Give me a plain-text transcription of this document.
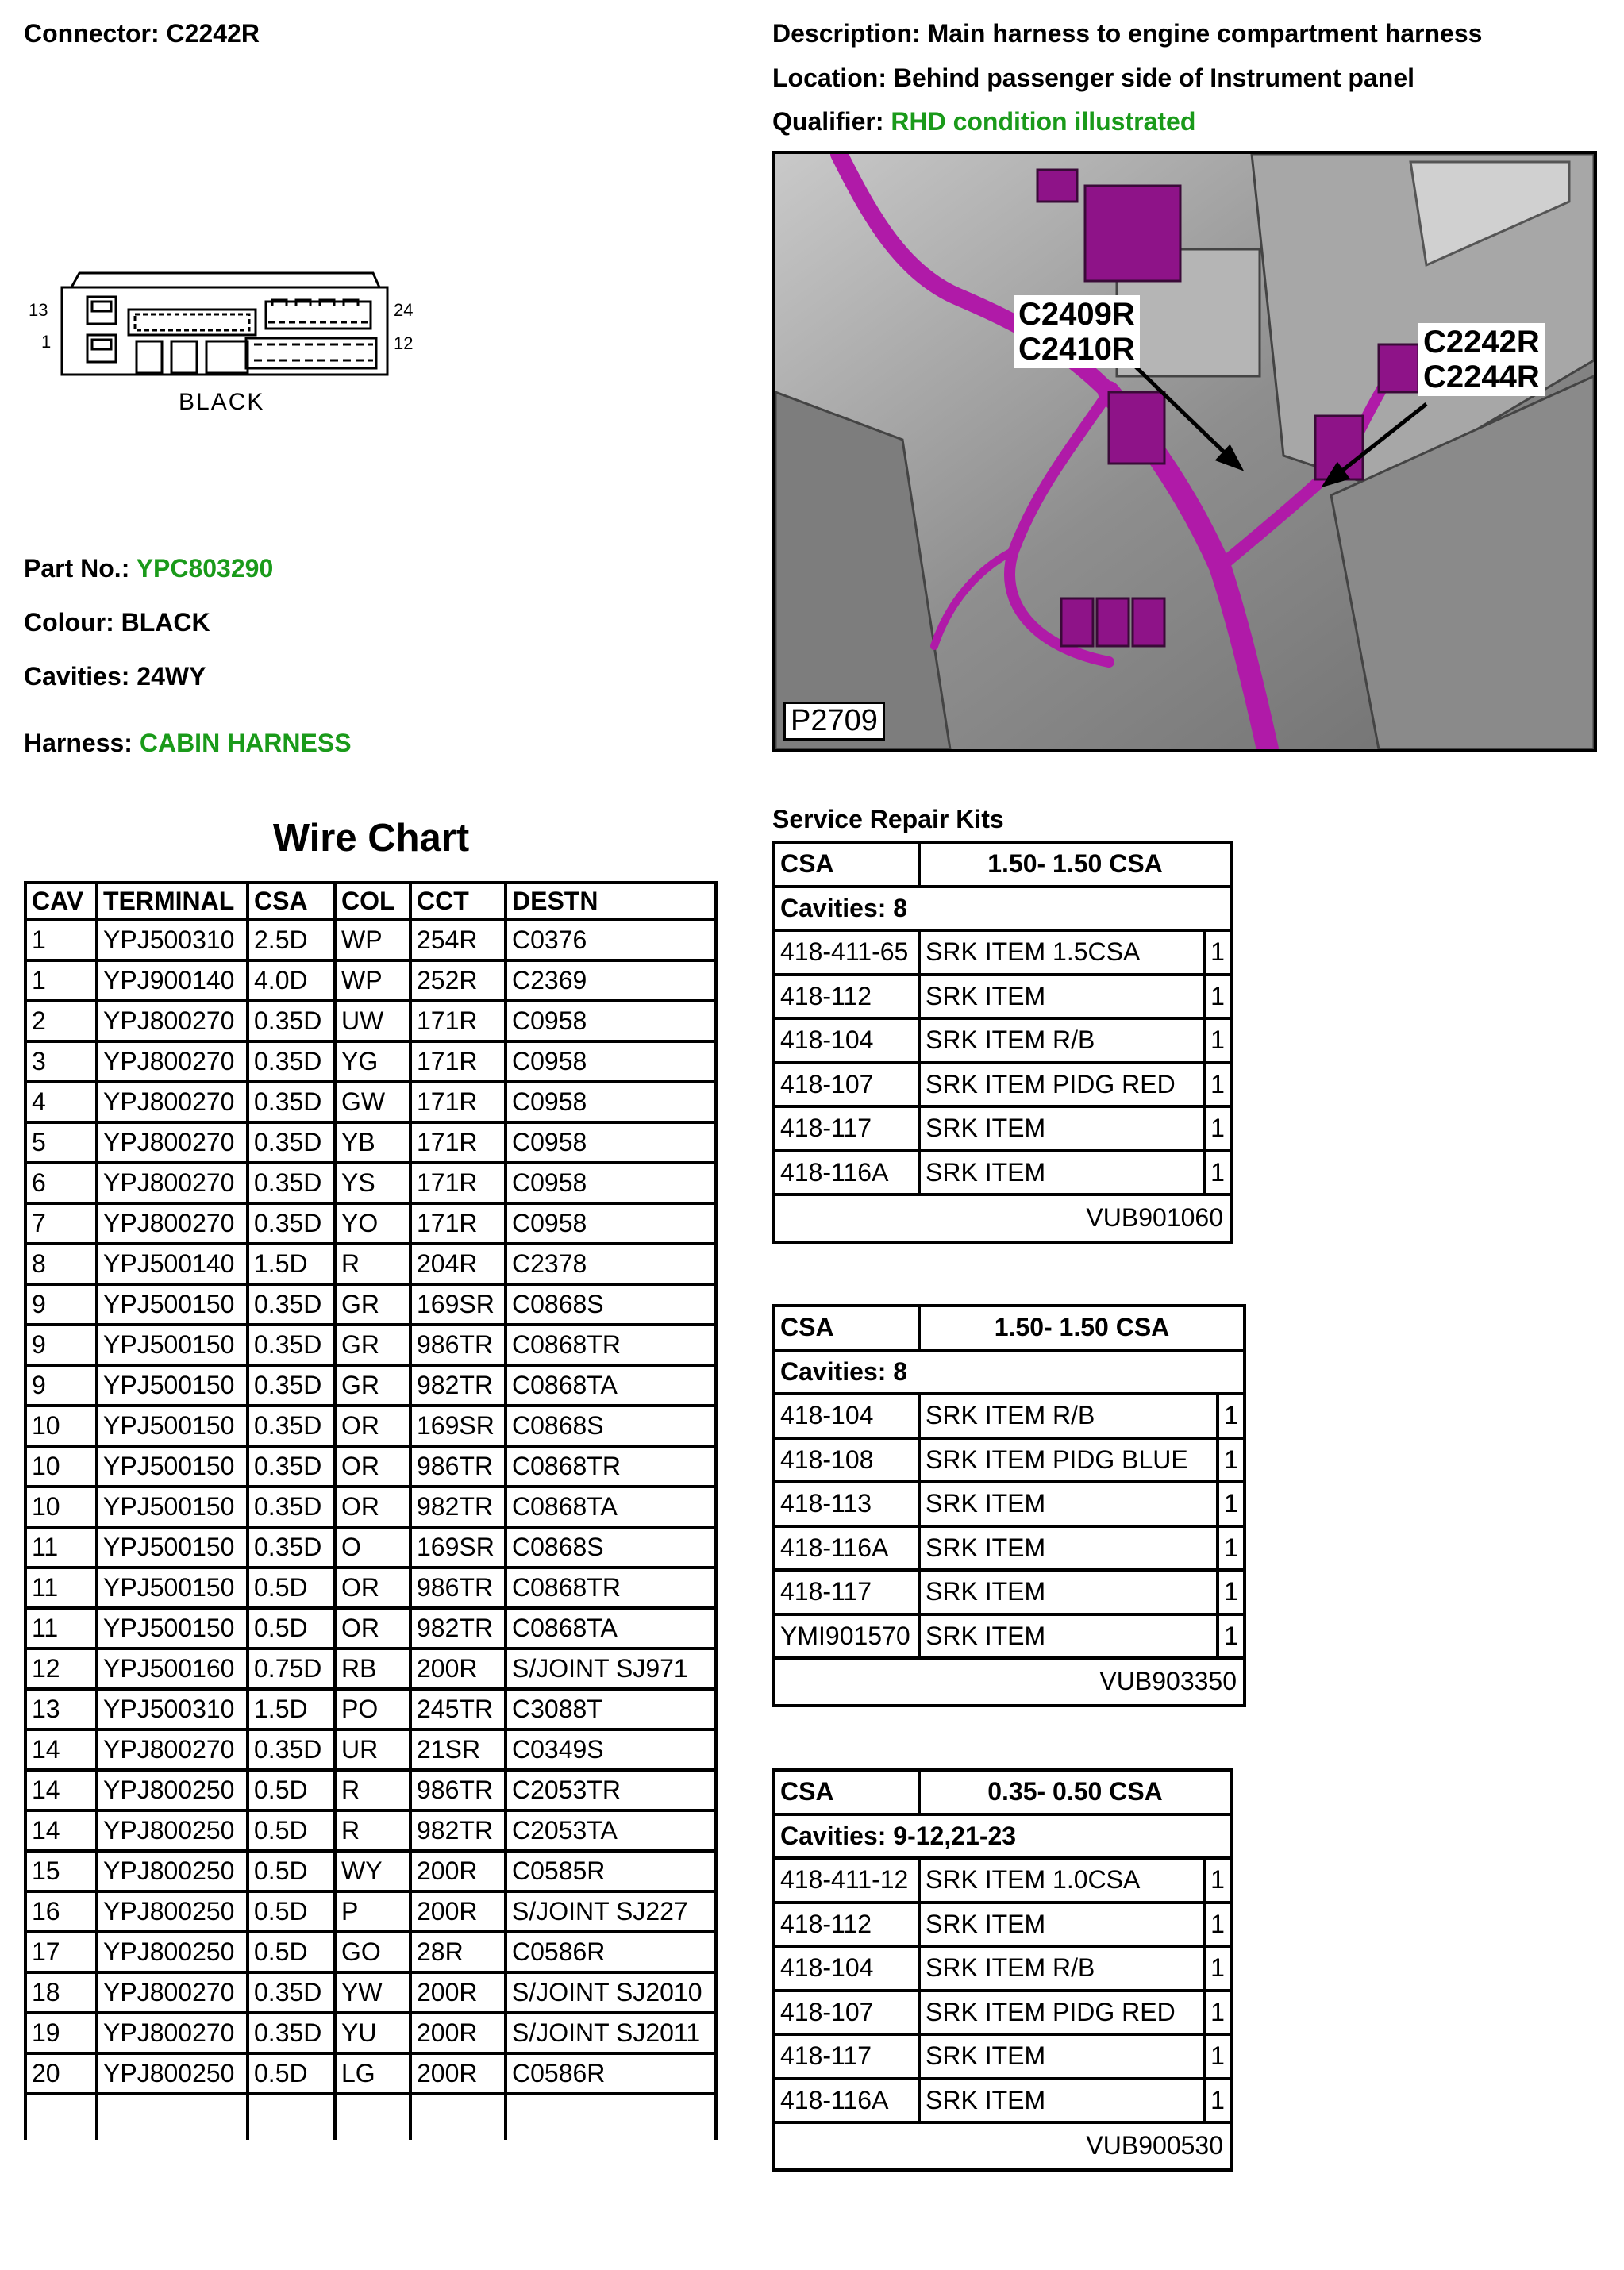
Connector: C2242R	Description: Main harness to engine compartment harness
Location: Behind passenger side of Instrument panel
Qualifier: RHD condition illustrated
13
1
24
12
BLACK
Part No.: YPC803290
Colour: BLACK
Cavities: 24WY
Harness: CABIN HARNESS
C2409R
C2410R	C2242R
C2244R
P2709
Wire Chart
CAV	TERMINAL	CSA	COL	CCT	DESTN
1	YPJ500310	2.5D	WP	254R	C0376
1	YPJ900140	4.0D	WP	252R	C2369
2	YPJ800270	0.35D	UW	171R	C0958
3	YPJ800270	0.35D	YG	171R	C0958
4	YPJ800270	0.35D	GW	171R	C0958
5	YPJ800270	0.35D	YB	171R	C0958
6	YPJ800270	0.35D	YS	171R	C0958
7	YPJ800270	0.35D	YO	171R	C0958
8	YPJ500140	1.5D	R	204R	C2378
9	YPJ500150	0.35D	GR	169SR	C0868S
9	YPJ500150	0.35D	GR	986TR	C0868TR
9	YPJ500150	0.35D	GR	982TR	C0868TA
10	YPJ500150	0.35D	OR	169SR	C0868S
10	YPJ500150	0.35D	OR	986TR	C0868TR
10	YPJ500150	0.35D	OR	982TR	C0868TA
11	YPJ500150	0.35D	O	169SR	C0868S
11	YPJ500150	0.5D	OR	986TR	C0868TR
11	YPJ500150	0.5D	OR	982TR	C0868TA
12	YPJ500160	0.75D	RB	200R	S/JOINT SJ971
13	YPJ500310	1.5D	PO	245TR	C3088T
14	YPJ800270	0.35D	UR	21SR	C0349S
14	YPJ800250	0.5D	R	986TR	C2053TR
14	YPJ800250	0.5D	R	982TR	C2053TA
15	YPJ800250	0.5D	WY	200R	C0585R
16	YPJ800250	0.5D	P	200R	S/JOINT SJ227
17	YPJ800250	0.5D	GO	28R	C0586R
18	YPJ800270	0.35D	YW	200R	S/JOINT SJ2010
19	YPJ800270	0.35D	YU	200R	S/JOINT SJ2011
20	YPJ800250	0.5D	LG	200R	C0586R

Service Repair Kits
CSA	1.50- 1.50 CSA
Cavities: 8
418-411-65 SRK ITEM 1.5CSA	1
418-112	SRK ITEM	1
418-104	SRK ITEM R/B	1
418-107	SRK ITEM PIDG RED	1
418-117	SRK ITEM	1
418-116A	SRK ITEM	1
VUB901060
CSA	1.50- 1.50 CSA
Cavities: 8
418-104	SRK ITEM R/B	1
418-108	SRK ITEM PIDG BLUE	1
418-113	SRK ITEM	1
418-116A	SRK ITEM	1
418-117	SRK ITEM	1
YMI901570 SRK ITEM	1
VUB903350
CSA	0.35- 0.50 CSA
Cavities: 9-12,21-23
418-411-12 SRK ITEM 1.0CSA	1
418-112	SRK ITEM	1
418-104	SRK ITEM R/B	1
418-107	SRK ITEM PIDG RED	1
418-117	SRK ITEM	1
418-116A	SRK ITEM	1
VUB900530
